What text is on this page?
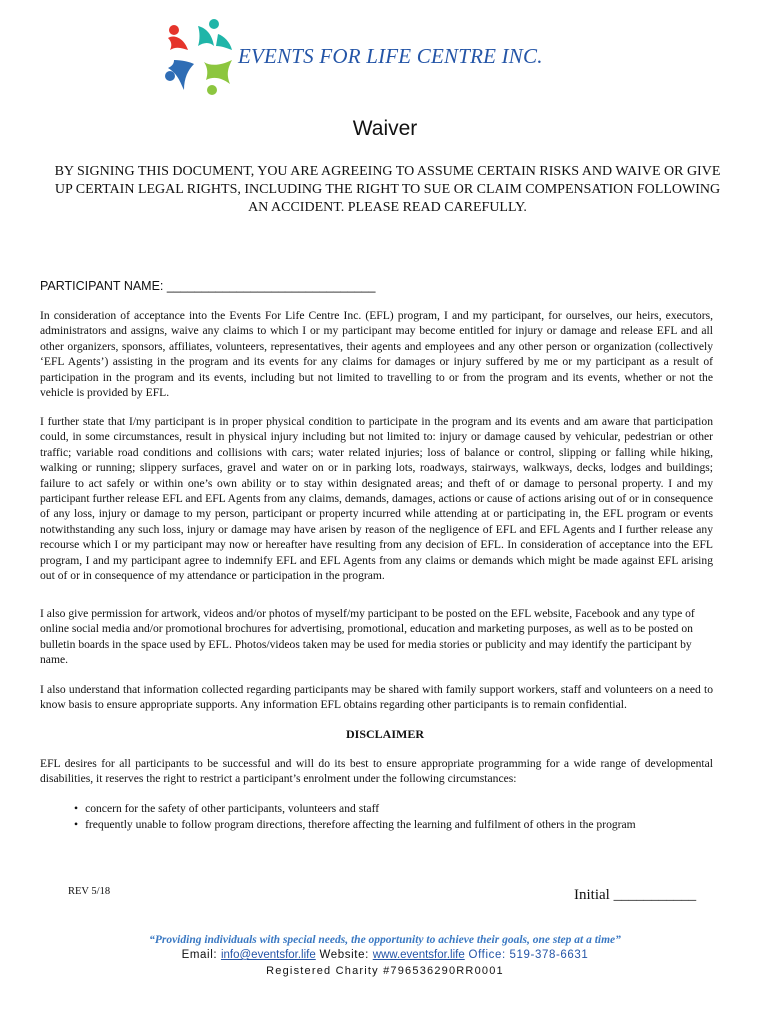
EVENTS FOR LIFE CENTRE INC.
Waiver
BY SIGNING THIS DOCUMENT, YOU ARE AGREEING TO ASSUME CERTAIN RISKS AND WAIVE OR GIVE UP CERTAIN LEGAL RIGHTS, INCLUDING THE RIGHT TO SUE OR CLAIM COMPENSATION FOLLOWING AN ACCIDENT. PLEASE READ CAREFULLY.
PARTICIPANT NAME: ______________________________

In consideration of acceptance into the Events For Life Centre Inc. (EFL) program, I and my participant, for ourselves, our heirs, executors, administrators and assigns, waive any claims to which I or my participant may become entitled for injury or damage and release EFL and all other organizers, sponsors, affiliates, volunteers, representatives, their agents and employees and any other person or organization (collectively ‘EFL Agents’) assisting in the program and its events for any claims for damages or injury suffered by me or my participant as a result of participation in the program and its events, including but not limited to travelling to or from the program and its events, whether or not the vehicle is provided by EFL.

I further state that I/my participant is in proper physical condition to participate in the program and its events and am aware that participation could, in some circumstances, result in physical injury including but not limited to: injury or damage caused by vehicular, pedestrian or other traffic; variable road conditions and collisions with cars; water related injuries; loss of balance or control, slipping or falling while hiking, walking or running; slippery surfaces, gravel and water on or in parking lots, roadways, stairways, walkways, decks, lodges and buildings; failure to act safely or within one’s own ability or to stay within designated areas; and theft of or damage to personal property. I and my participant further release EFL and EFL Agents from any claims, demands, damages, actions or cause of actions arising out of or in consequence of any loss, injury or damage to my person, participant or property incurred while attending at or participating in, the EFL program or events notwithstanding any such loss, injury or damage may have arisen by reason of the negligence of EFL and EFL Agents and I further release any recourse which I or my participant may now or hereafter have resulting from any decision of EFL. In consideration of acceptance into the EFL program, I and my participant agree to indemnify EFL and EFL Agents from any claims or demands which might be made against EFL arising out of or in consequence of my attendance or participation in the program.

I also give permission for artwork, videos and/or photos of myself/my participant to be posted on the EFL website, Facebook and any type of online social media and/or promotional brochures for advertising, promotional, education and marketing purposes, as well as to be posted on bulletin boards in the space used by EFL. Photos/videos taken may be used for media stories or publicity and may identify the participant by name.

I also understand that information collected regarding participants may be shared with family support workers, staff and volunteers on a need to know basis to ensure appropriate supports. Any information EFL obtains regarding other participants is to remain confidential.

DISCLAIMER

EFL desires for all participants to be successful and will do its best to ensure appropriate programming for a wide range of developmental disabilities, it reserves the right to restrict a participant’s enrolment under the following circumstances:

• concern for the safety of other participants, volunteers and staff
• frequently unable to follow program directions, therefore affecting the learning and fulfilment of others in the program
REV 5/18	Initial ___________
“Providing individuals with special needs, the opportunity to achieve their goals, one step at a time”
Email: info@eventsfor.life Website: www.eventsfor.life Office: 519-378-6631
Registered Charity #796536290RR0001
